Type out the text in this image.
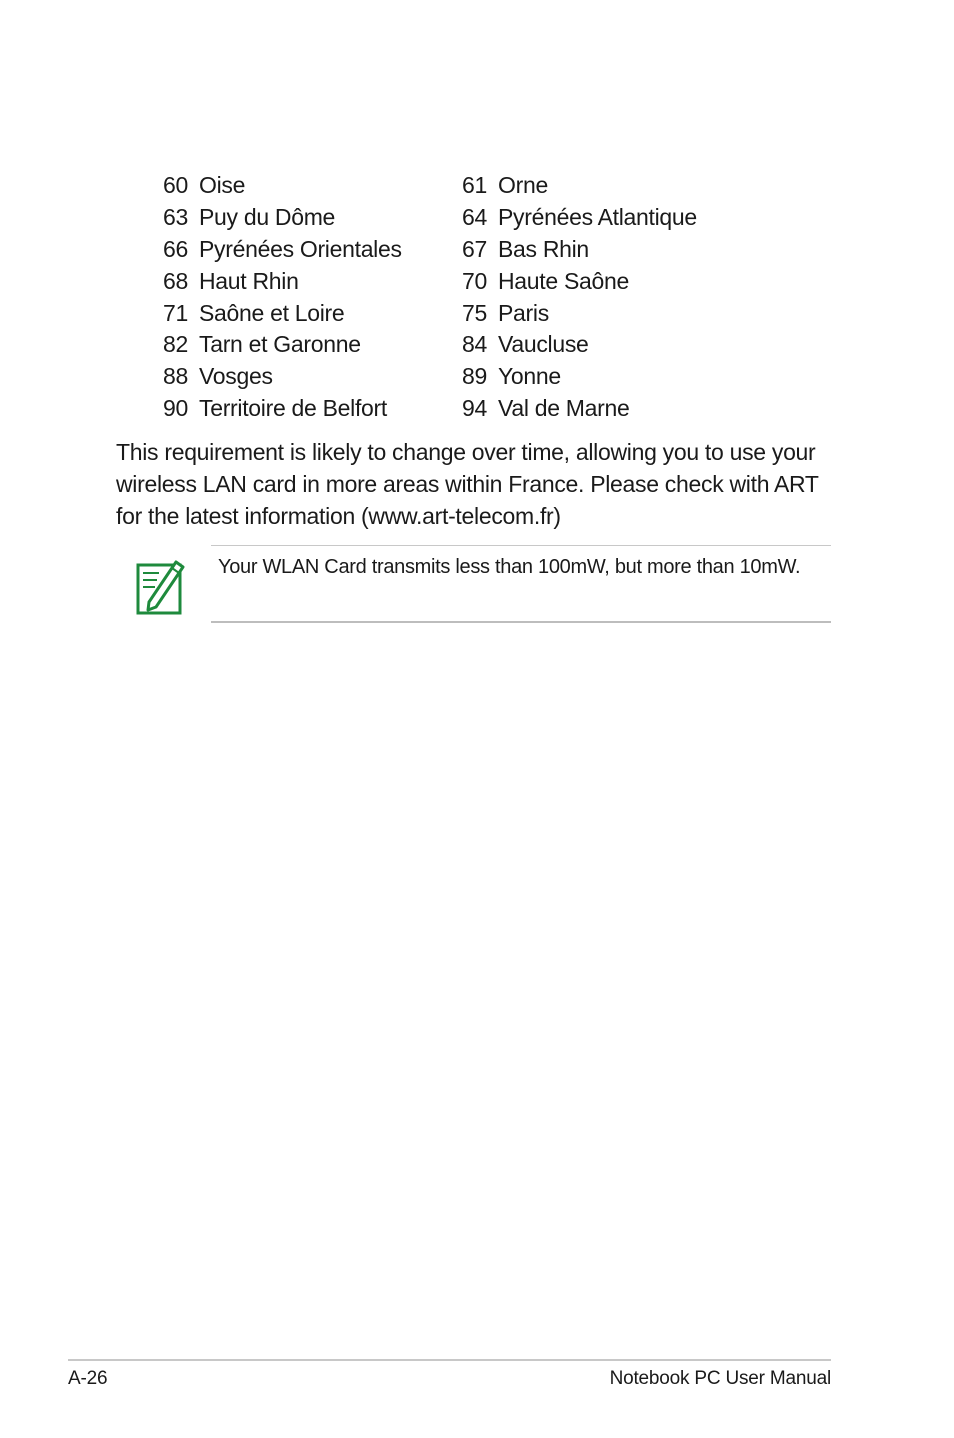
60 Oise	61 Orne
63 Puy du Dôme	64 Pyrénées Atlantique
66 Pyrénées Orientales	67 Bas Rhin
68 Haut Rhin	70 Haute Saône
71 Saône et Loire	75 Paris
82 Tarn et Garonne	84 Vaucluse
88 Vosges	89 Yonne
90 Territoire de Belfort	94 Val de Marne

This requirement is likely to change over time, allowing you to use your wireless LAN card in more areas within France. Please check with ART for the latest information (www.art-telecom.fr)

Your WLAN Card transmits less than 100mW, but more than 10mW.
A-26	Notebook PC User Manual
